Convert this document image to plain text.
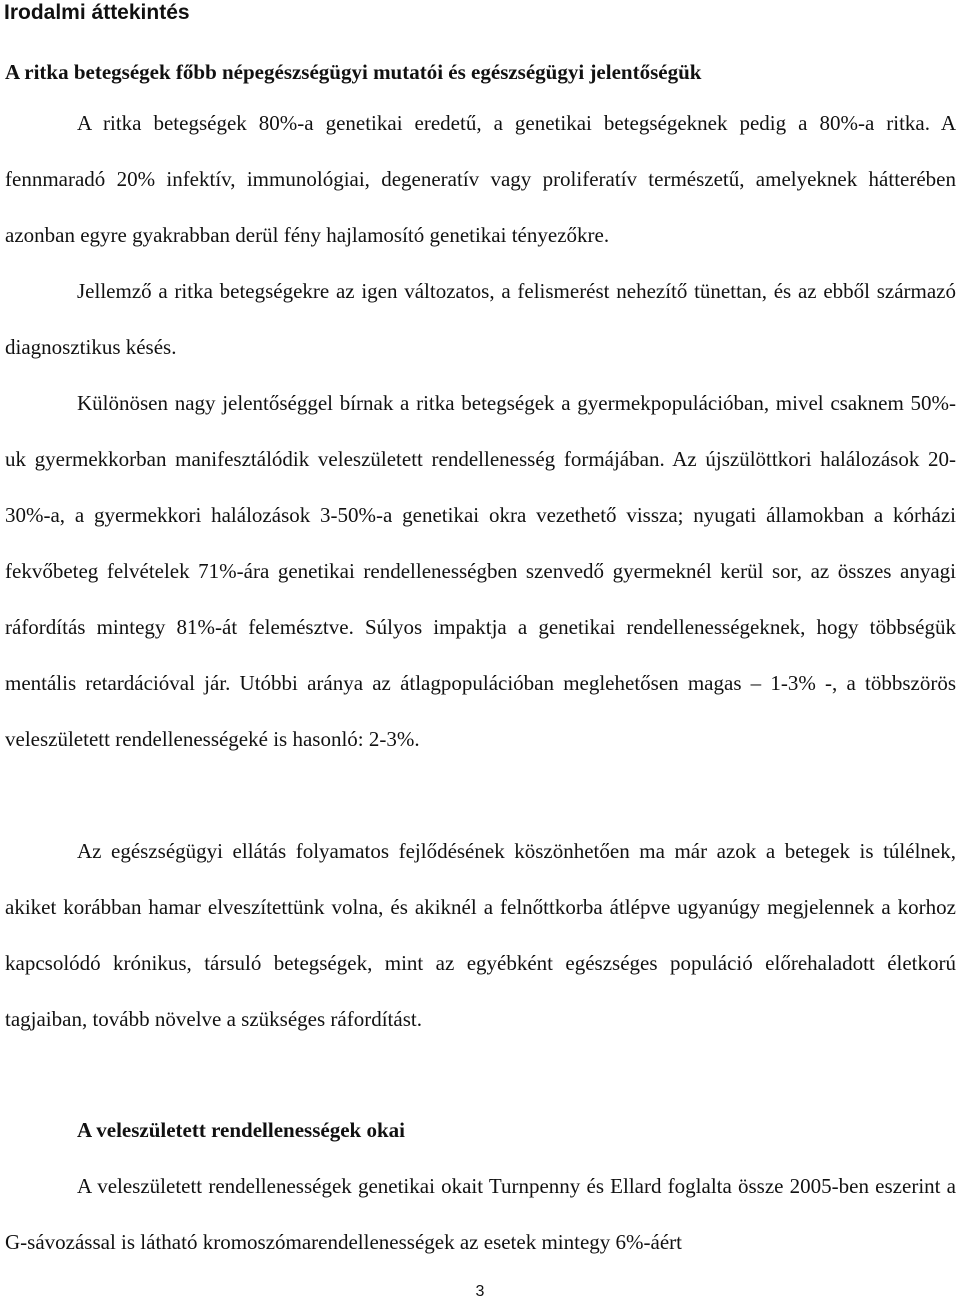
Irodalmi áttekintés
A ritka betegségek főbb népegészségügyi mutatói és egészségügyi jelentőségük

A ritka betegségek 80%-a genetikai eredetű, a genetikai betegségeknek pedig a 80%-a ritka. A fennmaradó 20% infektív, immunológiai, degeneratív vagy proliferatív természetű, amelyeknek hátterében azonban egyre gyakrabban derül fény hajlamosító genetikai tényezőkre.

Jellemző a ritka betegségekre az igen változatos, a felismerést nehezítő tünettan, és az ebből származó diagnosztikus késés.

Különösen nagy jelentőséggel bírnak a ritka betegségek a gyermekpopulációban, mivel csaknem 50%-uk gyermekkorban manifesztálódik veleszületett rendellenesség formájában. Az újszülöttkori halálozások 20-30%-a, a gyermekkori halálozások 3-50%-a genetikai okra vezethető vissza; nyugati államokban a kórházi fekvőbeteg felvételek 71%-ára genetikai rendellenességben szenvedő gyermeknél kerül sor, az összes anyagi ráfordítás mintegy 81%-át felemésztve. Súlyos impaktja a genetikai rendellenességeknek, hogy többségük mentális retardációval jár. Utóbbi aránya az átlagpopulációban meglehetősen magas – 1-3% -, a többszörös veleszületett rendellenességeké is hasonló: 2-3%.

Az egészségügyi ellátás folyamatos fejlődésének köszönhetően ma már azok a betegek is túlélnek, akiket korábban hamar elveszítettünk volna, és akiknél a felnőttkorba átlépve ugyanúgy megjelennek a korhoz kapcsolódó krónikus, társuló betegségek, mint az egyébként egészséges populáció előrehaladott életkorú tagjaiban, tovább növelve a szükséges ráfordítást.

A veleszületett rendellenességek okai

A veleszületett rendellenességek genetikai okait Turnpenny és Ellard foglalta össze 2005-ben eszerint a G-sávozással is látható kromoszómarendellenességek az esetek mintegy 6%-áért

3
